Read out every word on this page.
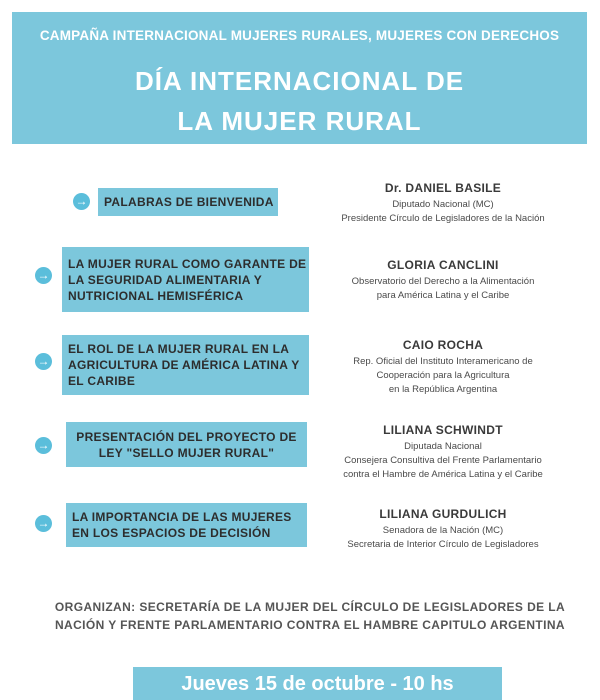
CAMPAÑA INTERNACIONAL MUJERES RURALES, MUJERES CON DERECHOS
DÍA INTERNACIONAL DE
LA MUJER RURAL
→ PALABRAS DE BIENVENIDA
Dr. DANIEL BASILE
Diputado Nacional (MC)
Presidente Círculo de Legisladores de la Nación
→
LA MUJER RURAL COMO GARANTE DE
LA SEGURIDAD ALIMENTARIA Y
NUTRICIONAL HEMISFÉRICA
GLORIA CANCLINI
Observatorio del Derecho a la Alimentación
para América Latina y el Caribe
→
EL ROL DE LA MUJER RURAL EN LA
AGRICULTURA DE AMÉRICA LATINA Y
EL CARIBE
CAIO ROCHA
Rep. Oficial del Instituto Interamericano de
Cooperación para la Agricultura
en la República Argentina
→
PRESENTACIÓN DEL PROYECTO DE
LEY "SELLO MUJER RURAL"
LILIANA SCHWINDT
Diputada Nacional
Consejera Consultiva del Frente Parlamentario
contra el Hambre de América Latina y el Caribe
→ LA IMPORTANCIA DE LAS MUJERES
EN LOS ESPACIOS DE DECISIÓN
LILIANA GURDULICH
Senadora de la Nación (MC)
Secretaria de Interior Círculo de Legisladores
ORGANIZAN: SECRETARÍA DE LA MUJER DEL CÍRCULO DE LEGISLADORES DE LA
NACIÓN Y FRENTE PARLAMENTARIO CONTRA EL HAMBRE CAPITULO ARGENTINA
Jueves 15 de octubre - 10 hs
